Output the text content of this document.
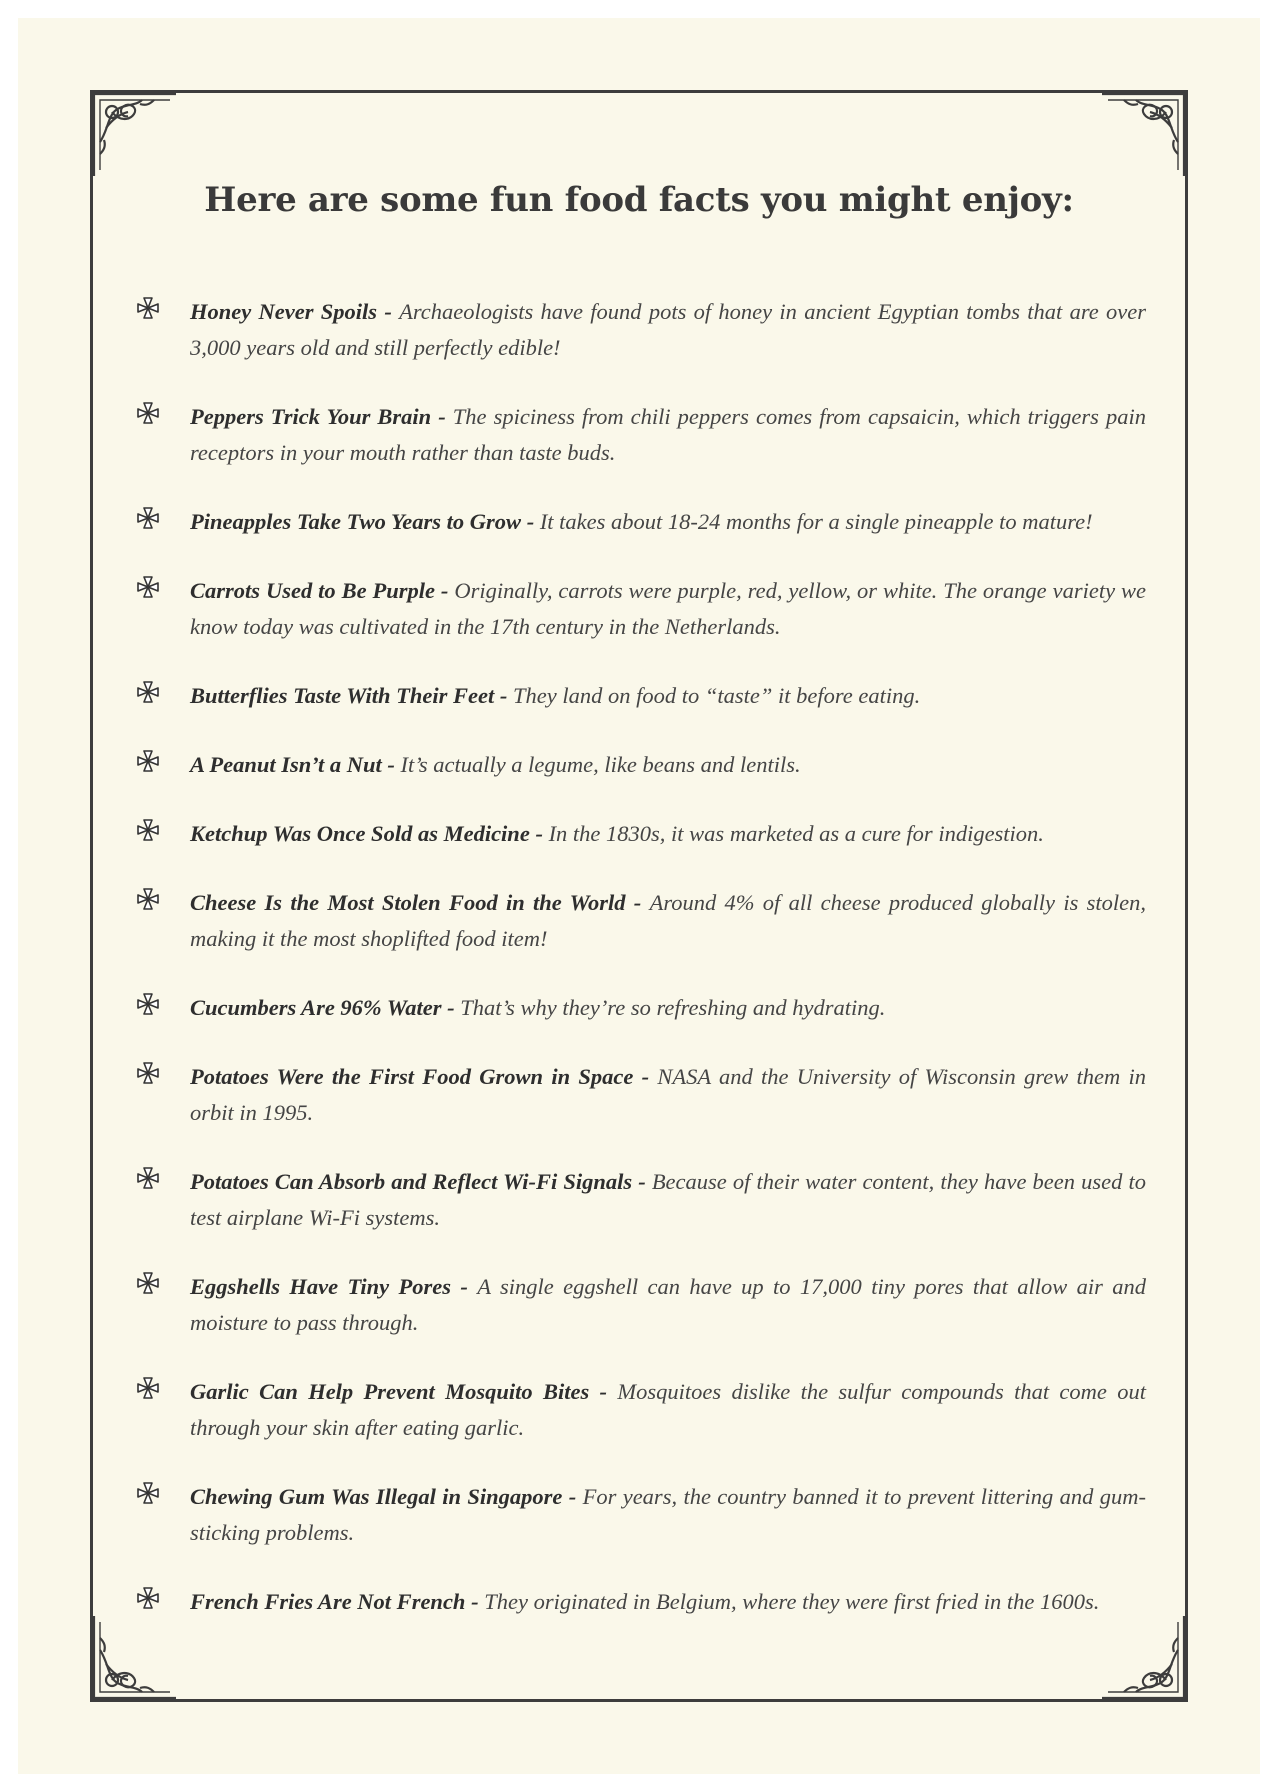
Here are some fun food facts you might enjoy:
Honey Never Spoils - Archaeologists have found pots of honey in ancient Egyptian tombs that are over 3,000 years old and still perfectly edible!
Peppers Trick Your Brain - The spiciness from chili peppers comes from capsaicin, which triggers pain receptors in your mouth rather than taste buds.
Pineapples Take Two Years to Grow - It takes about 18-24 months for a single pineapple to mature!
Carrots Used to Be Purple - Originally, carrots were purple, red, yellow, or white. The orange variety we know today was cultivated in the 17th century in the Netherlands.
Butterflies Taste With Their Feet - They land on food to “taste” it before eating.
A Peanut Isn’t a Nut - It’s actually a legume, like beans and lentils.
Ketchup Was Once Sold as Medicine - In the 1830s, it was marketed as a cure for indigestion.
Cheese Is the Most Stolen Food in the World - Around 4% of all cheese produced globally is stolen, making it the most shoplifted food item!
Cucumbers Are 96% Water - That’s why they’re so refreshing and hydrating.
Potatoes Were the First Food Grown in Space - NASA and the University of Wisconsin grew them in orbit in 1995.
Potatoes Can Absorb and Reflect Wi-Fi Signals - Because of their water content, they have been used to test airplane Wi-Fi systems.
Eggshells Have Tiny Pores - A single eggshell can have up to 17,000 tiny pores that allow air and moisture to pass through.
Garlic Can Help Prevent Mosquito Bites - Mosquitoes dislike the sulfur compounds that come out through your skin after eating garlic.
Chewing Gum Was Illegal in Singapore - For years, the country banned it to prevent littering and gum-sticking problems.
French Fries Are Not French - They originated in Belgium, where they were first fried in the 1600s.
